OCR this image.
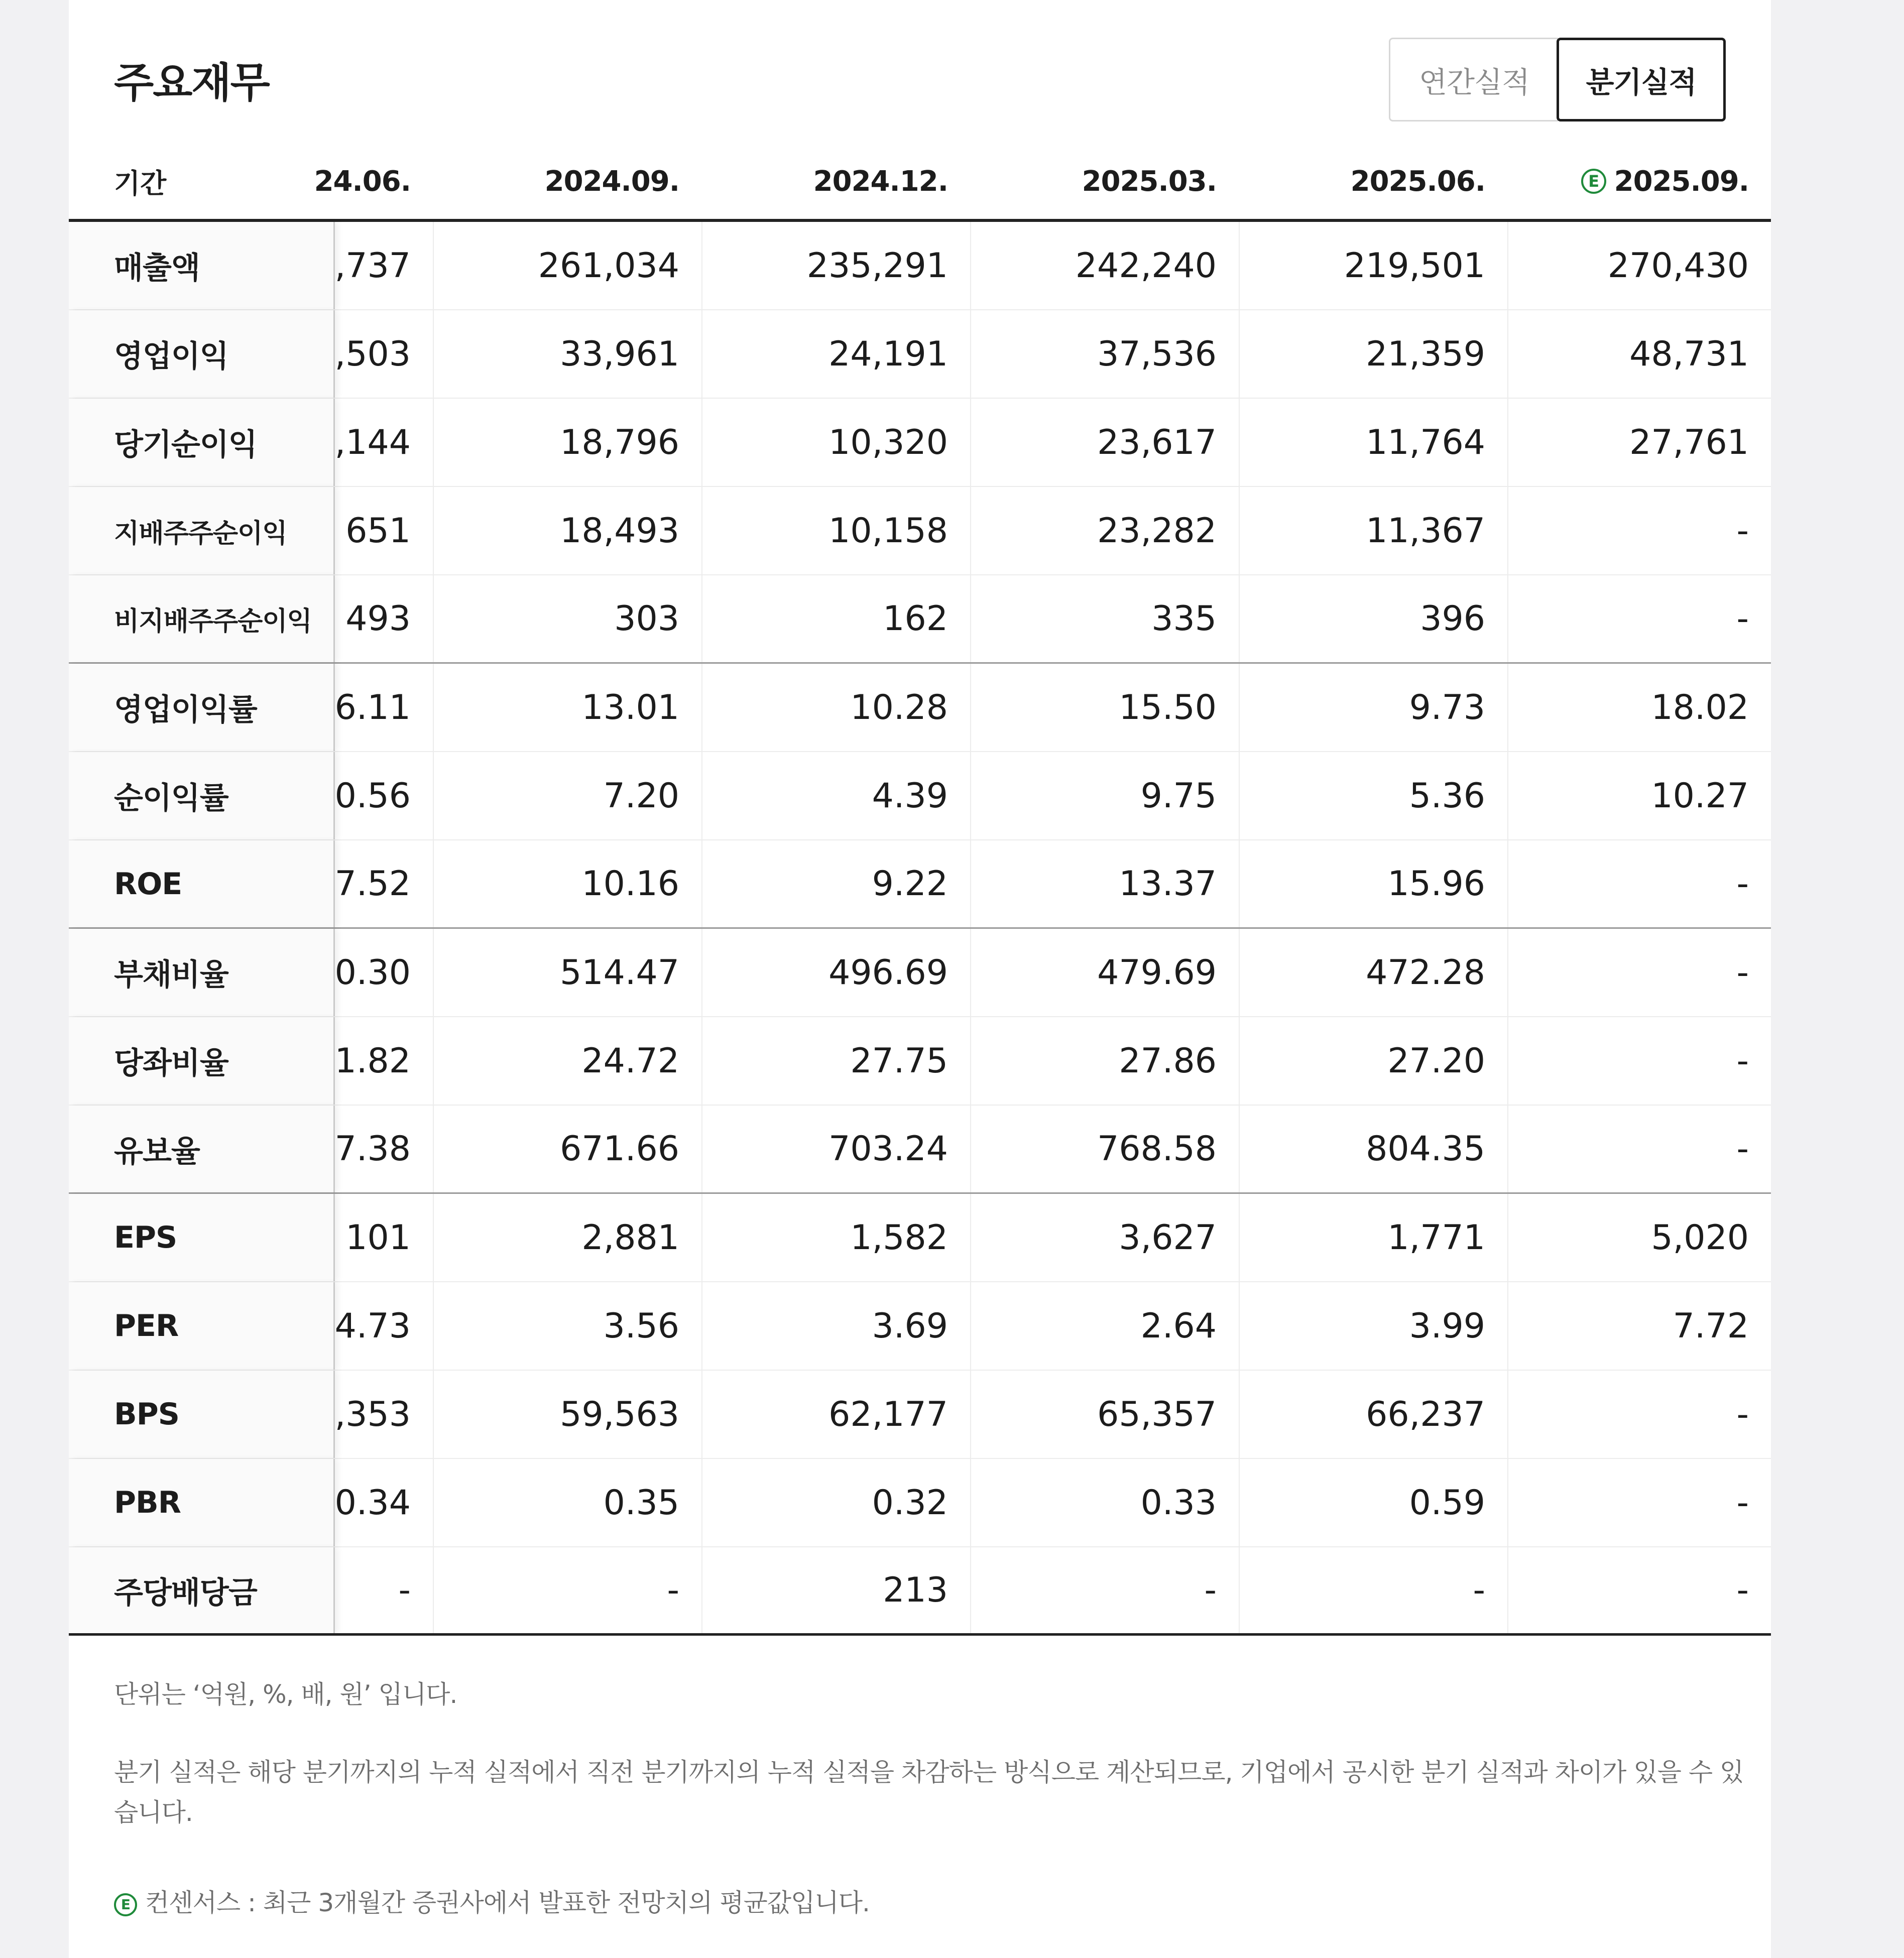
주요재무	연간실적	분기실적
기간	24.06.	2024.09.	2024.12.	2025.03.	2025.06.	E 2025.09.
매출액	,737	261,034	235,291	242,240	219,501	270,430
영업이익	,503	33,961	24,191	37,536	21,359	48,731
당기순이익	,144	18,796	10,320	23,617	11,764	27,761
지배주주순이익	651	18,493	10,158	23,282	11,367	-
비지배주주순이익 493	303	162	335	396	-
영업이익률	6.11	13.01	10.28	15.50	9.73	18.02
순이익률	0.56	7.20	4.39	9.75	5.36	10.27
ROE	7.52	10.16	9.22	13.37	15.96	-
부채비율	0.30	514.47	496.69	479.69	472.28	-
당좌비율	1.82	24.72	27.75	27.86	27.20	-
유보율	7.38	671.66	703.24	768.58	804.35	-
EPS	101	2,881	1,582	3,627	1,771	5,020
PER	4.73	3.56	3.69	2.64	3.99	7.72
BPS	,353	59,563	62,177	65,357	66,237	-
PBR	0.34	0.35	0.32	0.33	0.59	-
주당배당금	-	-	213	-	-	-
단위는 ‘억원, %, 배, 원’ 입니다.
분기 실적은 해당 분기까지의 누적 실적에서 직전 분기까지의 누적 실적을 차감하는 방식으로 계산되므로, 기업에서 공시한 분기 실적과 차이가 있을 수 있
습니다.
E 컨센서스 : 최근 3개월간 증권사에서 발표한 전망치의 평균값입니다.
